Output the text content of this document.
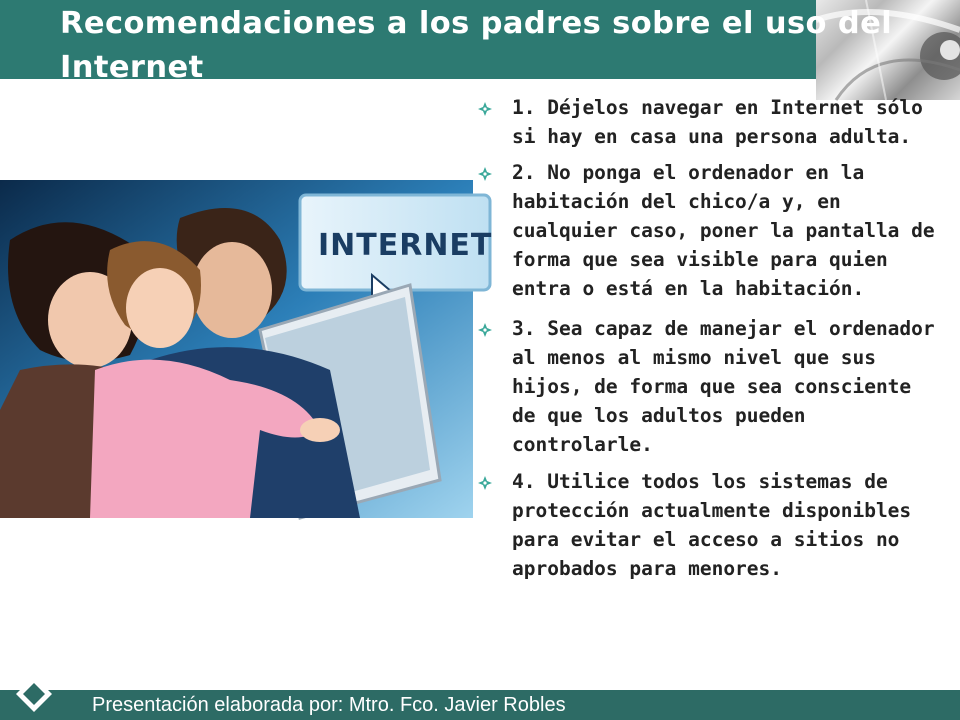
Recomendaciones a los padres sobre el uso del Internet
INTERNET
1. Déjelos navegar en Internet sólo si hay en casa una persona adulta.
2. No ponga el ordenador en la habitación del chico/a y, en cualquier caso, poner la pantalla de forma que sea visible para quien entra o está en la habitación.
3. Sea capaz de manejar el ordenador al menos al mismo nivel que sus hijos, de forma que sea consciente de que los adultos pueden controlarle.
4. Utilice todos los sistemas de protección actualmente disponibles para evitar el acceso a sitios no aprobados para menores.
Presentación elaborada por: Mtro. Fco. Javier Robles
